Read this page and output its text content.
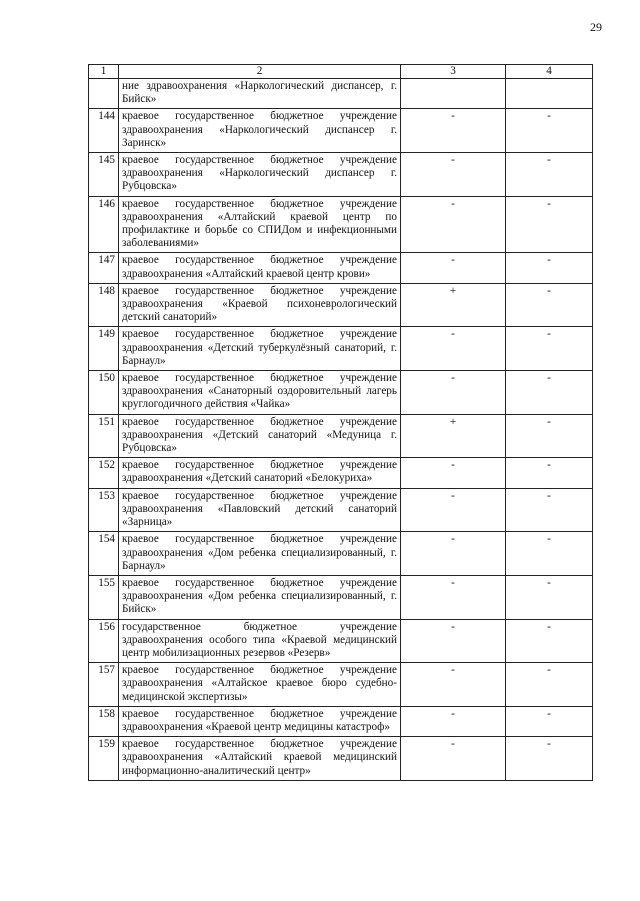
29
1	2	3	4
	ние здравоохранения «Наркологический диспансер, г. Бийск»		
144	краевое государственное бюджетное учреждение здравоохранения «Наркологический диспансер г. Заринск»	-	-
145	краевое государственное бюджетное учреждение здравоохранения «Наркологический диспансер г. Рубцовска»	-	-
146	краевое государственное бюджетное учреждение здравоохранения «Алтайский краевой центр по профилактике и борьбе со СПИДом и инфекционными заболеваниями»	-	-
147	краевое государственное бюджетное учреждение здравоохранения «Алтайский краевой центр крови»	-	-
148	краевое государственное бюджетное учреждение здравоохранения «Краевой психоневрологический детский санаторий»	+	-
149	краевое государственное бюджетное учреждение здравоохранения «Детский туберкулёзный санаторий, г. Барнаул»	-	-
150	краевое государственное бюджетное учреждение здравоохранения «Санаторный оздоровительный лагерь круглогодичного действия «Чайка»	-	-
151	краевое государственное бюджетное учреждение здравоохранения «Детский санаторий «Медуница г. Рубцовска»	+	-
152	краевое государственное бюджетное учреждение здравоохранения «Детский санаторий «Белокуриха»	-	-
153	краевое государственное бюджетное учреждение здравоохранения «Павловский детский санаторий «Зарница»	-	-
154	краевое государственное бюджетное учреждение здравоохранения «Дом ребенка специализированный, г. Барнаул»	-	-
155	краевое государственное бюджетное учреждение здравоохранения «Дом ребенка специализированный, г. Бийск»	-	-
156	государственное бюджетное учреждение здравоохранения особого типа «Краевой медицинский центр мобилизационных резервов «Резерв»	-	-
157	краевое государственное бюджетное учреждение здравоохранения «Алтайское краевое бюро судебно-медицинской экспертизы»	-	-
158	краевое государственное бюджетное учреждение здравоохранения «Краевой центр медицины катастроф»	-	-
159	краевое государственное бюджетное учреждение здравоохранения «Алтайский краевой медицинский информационно-аналитический центр»	-	-
